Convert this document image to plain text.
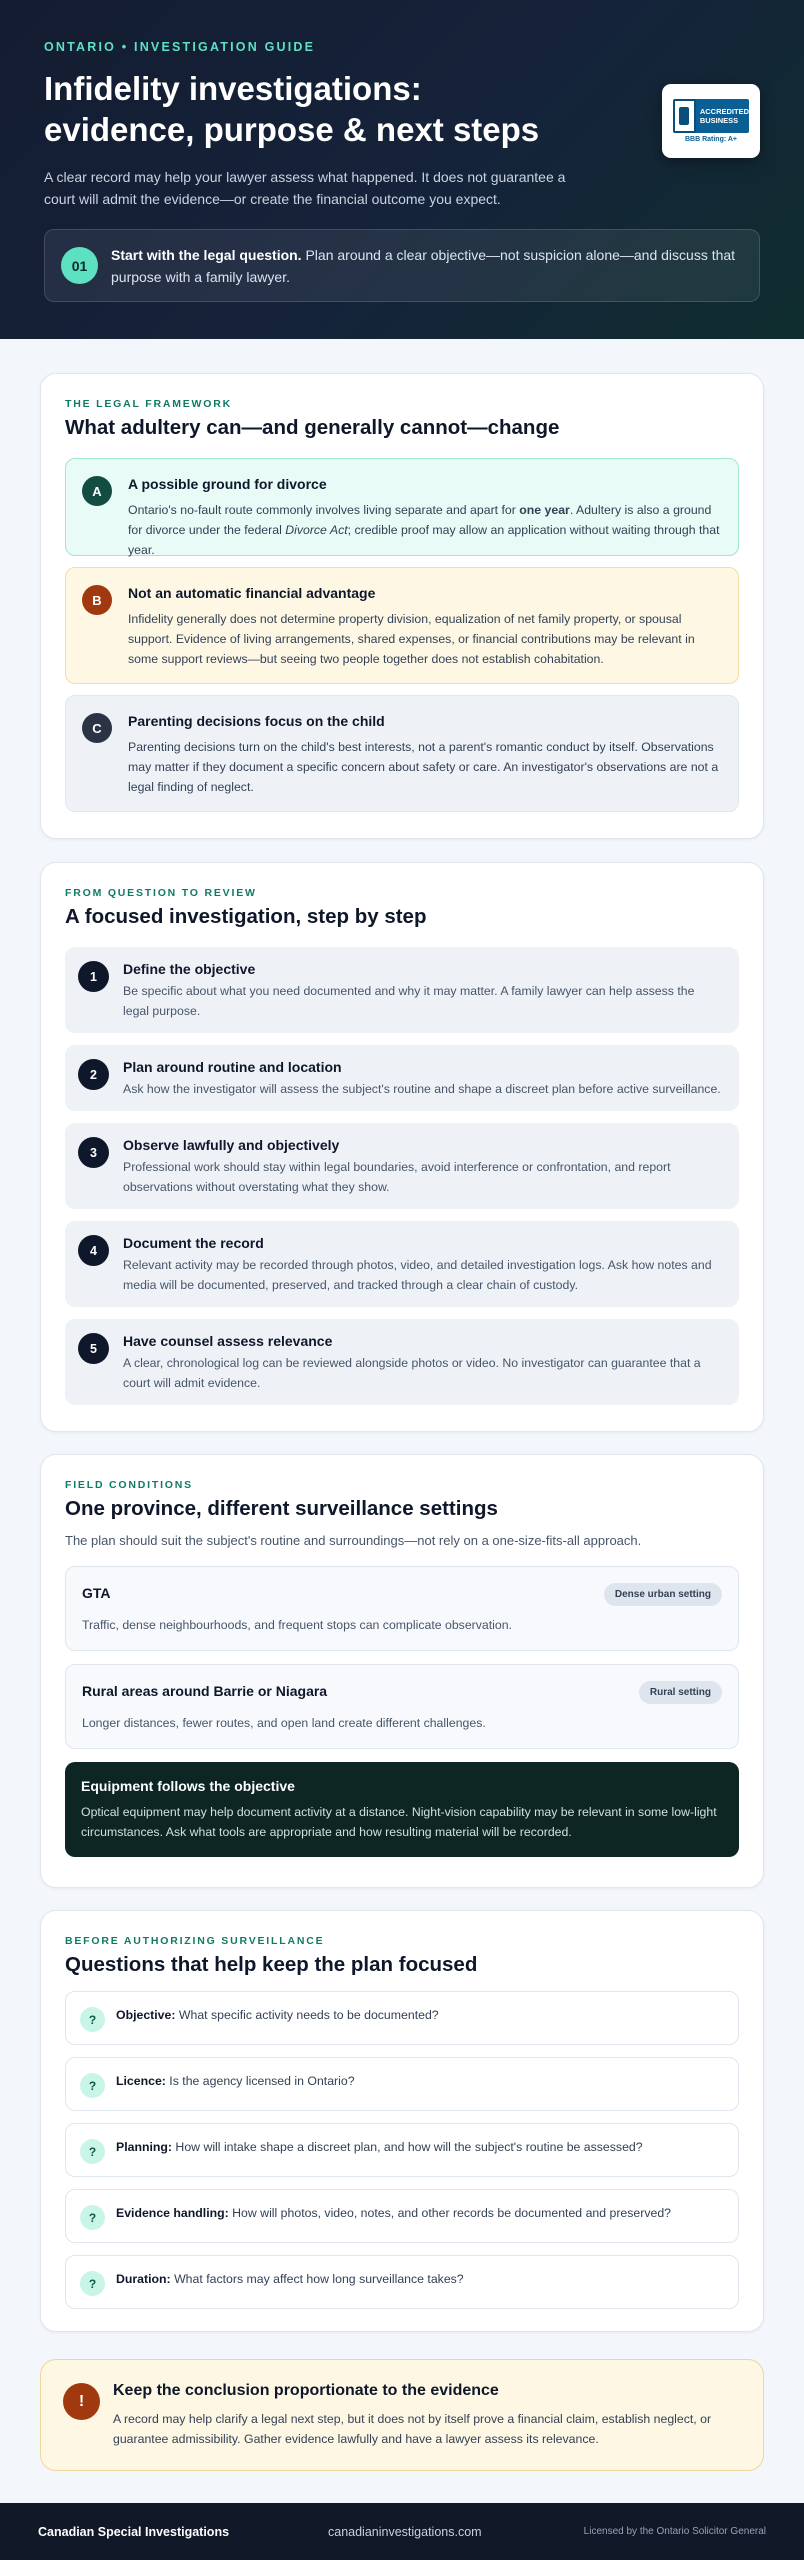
ONTARIO • INVESTIGATION GUIDE
Infidelity investigations:
evidence, purpose & next steps

A clear record may help your lawyer assess what happened. It does not guarantee a court will admit the evidence—or create the financial outcome you expect.

ACCREDITED
BUSINESS
BBB Rating: A+
01

Start with the legal question. Plan around a clear objective—not suspicion alone—and discuss that purpose with a family lawyer.

THE LEGAL FRAMEWORK
What adultery can—and generally cannot—change
A	A possible ground for divorce

Ontario's no-fault route commonly involves living separate and apart for one year. Adultery is also a ground for divorce under the federal Divorce Act; credible proof may allow an application without waiting through that year.

B	Not an automatic financial advantage

Infidelity generally does not determine property division, equalization of net family property, or spousal support. Evidence of living arrangements, shared expenses, or financial contributions may be relevant in some support reviews—but seeing two people together does not establish cohabitation.

C	Parenting decisions focus on the child

Parenting decisions turn on the child's best interests, not a parent's romantic conduct by itself. Observations may matter if they document a specific concern about safety or care. An investigator's observations are not a legal finding of neglect.

FROM QUESTION TO REVIEW
A focused investigation, step by step
1	Define the objective

Be specific about what you need documented and why it may matter. A family lawyer can help assess the legal purpose.

2	Plan around routine and location

Ask how the investigator will assess the subject's routine and shape a discreet plan before active surveillance.

3	Observe lawfully and objectively

Professional work should stay within legal boundaries, avoid interference or confrontation, and report observations without overstating what they show.

4	Document the record

Relevant activity may be recorded through photos, video, and detailed investigation logs. Ask how notes and media will be documented, preserved, and tracked through a clear chain of custody.

5	Have counsel assess relevance

A clear, chronological log can be reviewed alongside photos or video. No investigator can guarantee that a court will admit evidence.

FIELD CONDITIONS
One province, different surveillance settings

The plan should suit the subject's routine and surroundings—not rely on a one-size-fits-all approach.

GTA	Dense urban setting

Traffic, dense neighbourhoods, and frequent stops can complicate observation.

Rural areas around Barrie or Niagara	Rural setting

Longer distances, fewer routes, and open land create different challenges.

Equipment follows the objective

Optical equipment may help document activity at a distance. Night-vision capability may be relevant in some low-light circumstances. Ask what tools are appropriate and how resulting material will be recorded.

BEFORE AUTHORIZING SURVEILLANCE
Questions that help keep the plan focused
?	Objective: What specific activity needs to be documented?

?	Licence: Is the agency licensed in Ontario?

?	Planning: How will intake shape a discreet plan, and how will the subject's routine be assessed?

?	Evidence handling: How will photos, video, notes, and other records be documented and preserved?

?	Duration: What factors may affect how long surveillance takes?

!
Keep the conclusion proportionate to the evidence

A record may help clarify a legal next step, but it does not by itself prove a financial claim, establish neglect, or guarantee admissibility. Gather evidence lawfully and have a lawyer assess its relevance.

Canadian Special Investigations	canadianinvestigations.com	Licensed by the Ontario Solicitor General
